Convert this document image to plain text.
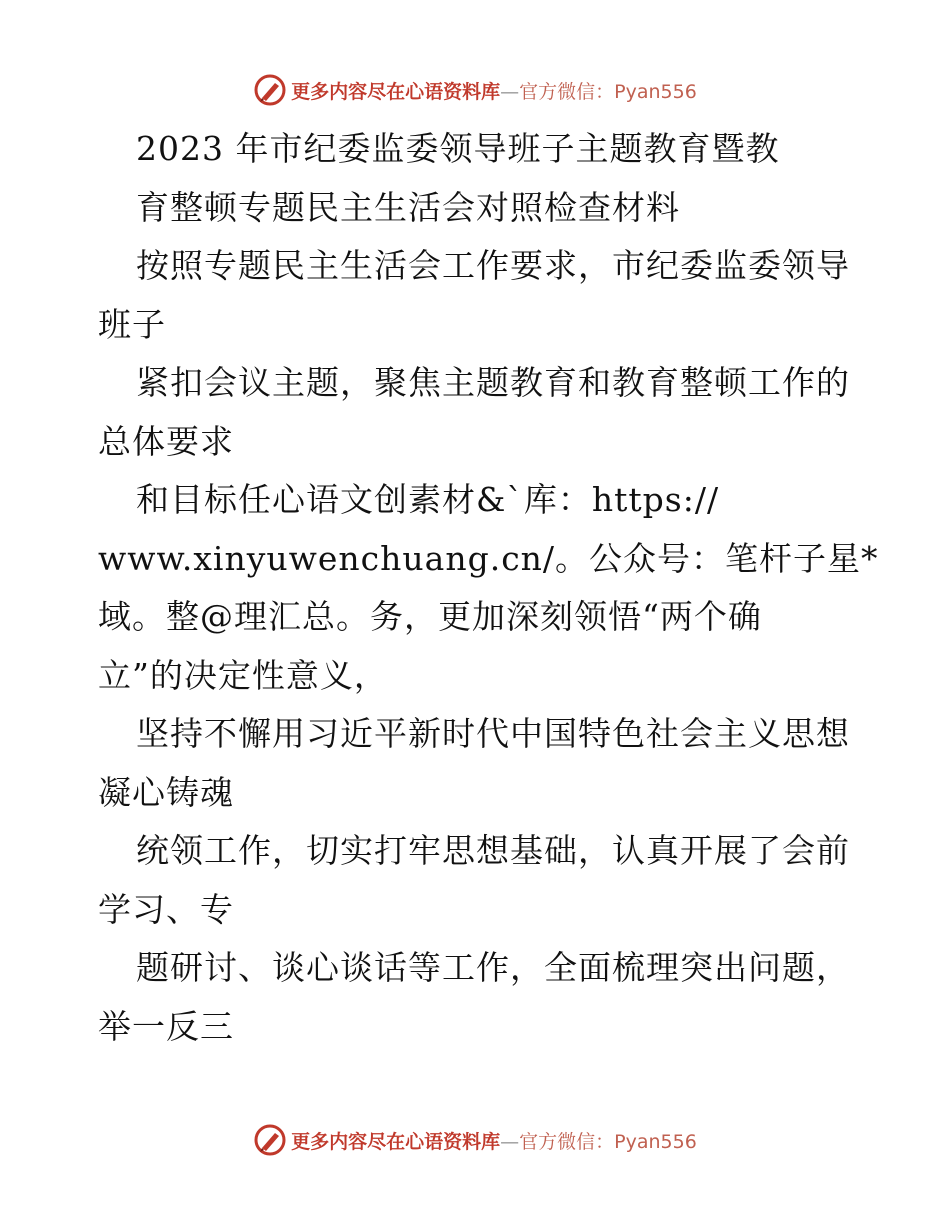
更多内容尽在心语资料库—官方微信：Pyan556
2023 年市纪委监委领导班子主题教育暨教
育整顿专题民主生活会对照检查材料
按照专题民主生活会工作要求，市纪委监委领导
班子
紧扣会议主题，聚焦主题教育和教育整顿工作的
总体要求
和目标任心语文创素材&`库：https://
www.xinyuwenchuang.cn/。公众号：笔杆子星*
域。整@理汇总。务，更加深刻领悟“两个确
立”的决定性意义，
坚持不懈用习近平新时代中国特色社会主义思想
凝心铸魂
统领工作，切实打牢思想基础，认真开展了会前
学习、专
题研讨、谈心谈话等工作，全面梳理突出问题，
举一反三
更多内容尽在心语资料库—官方微信：Pyan556
